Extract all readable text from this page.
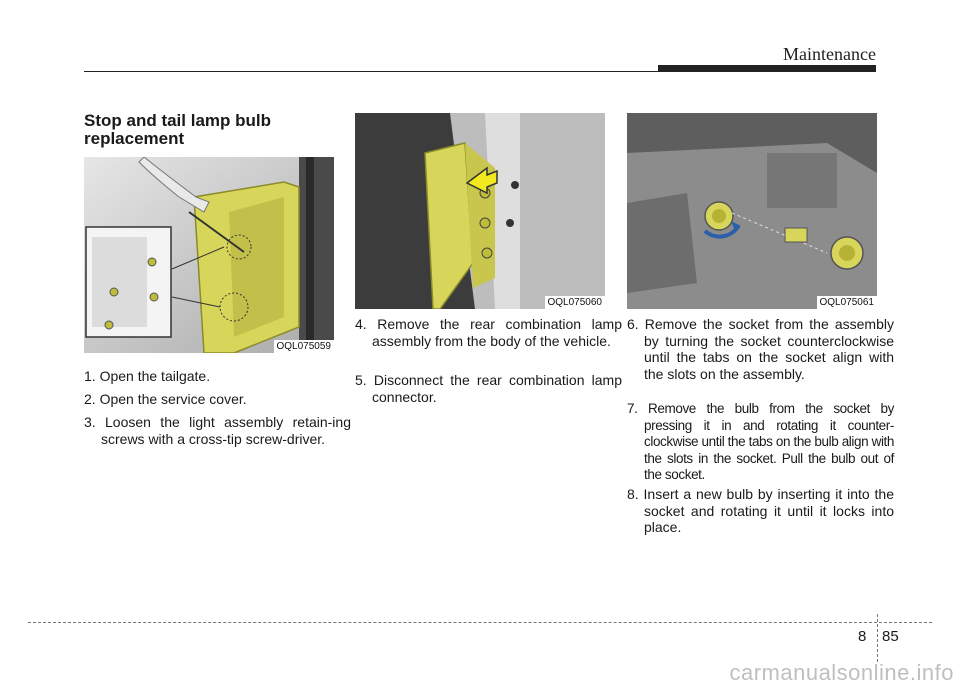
Maintenance
Stop and tail lamp bulb replacement
OQL075059
OQL075060	OQL075061

1. Open the tailgate.

2. Open the service cover.

3. Loosen the light assembly retain-ing screws with a cross-tip screw-driver.

4. Remove the rear combination lamp assembly from the body of the vehicle.

5. Disconnect the rear combination lamp connector.

6. Remove the socket from the assembly by turning the socket counterclockwise until the tabs on the socket align with the slots on the assembly.

7. Remove the bulb from the socket by pressing it in and rotating it counter-clockwise until the tabs on the bulb align with the slots in the socket. Pull the bulb out of the socket.

8. Insert a new bulb by inserting it into the socket and rotating it until it locks into place.

8 85
carmanualsonline.info
